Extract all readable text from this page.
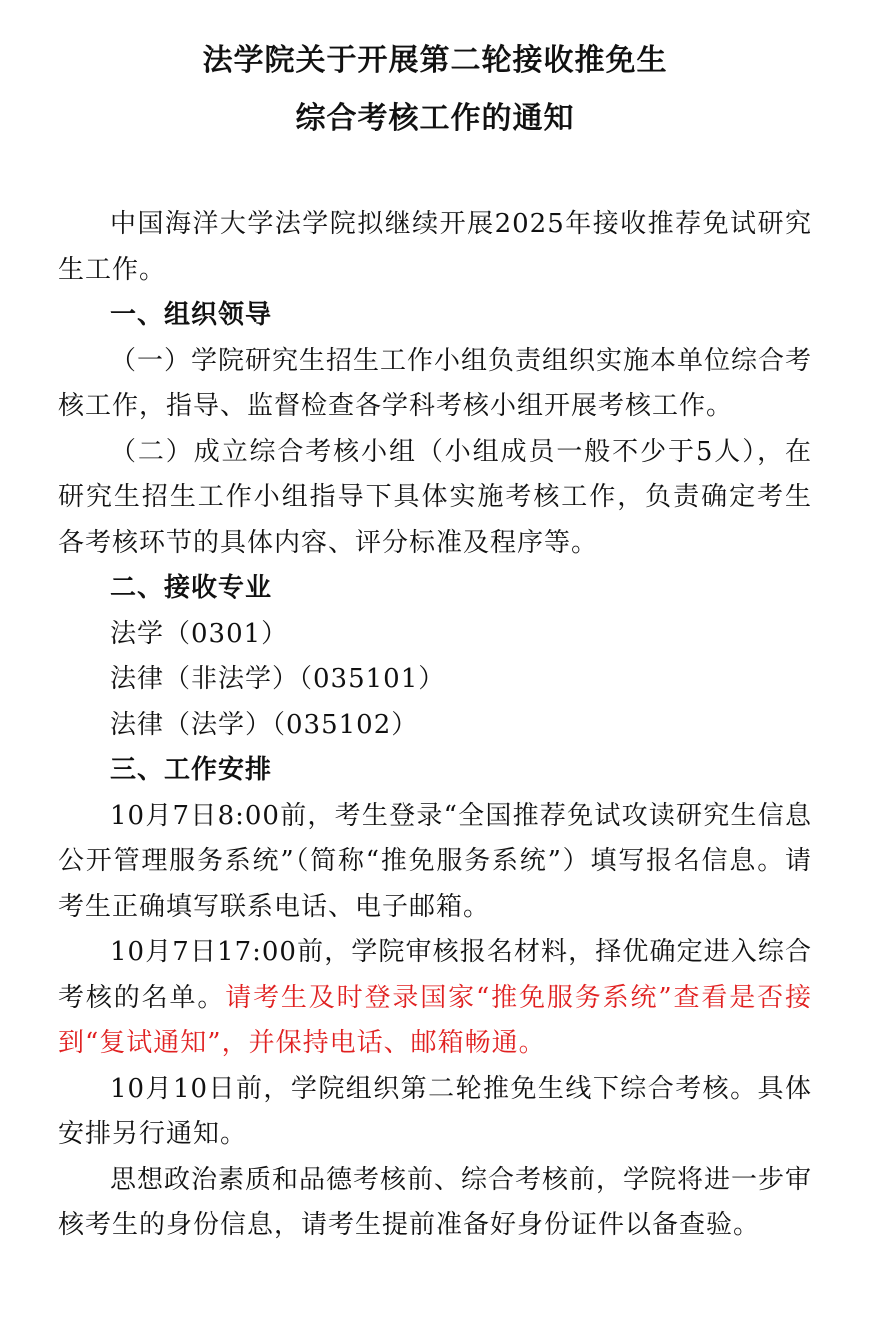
法学院关于开展第二轮接收推免生
综合考核工作的通知

中国海洋大学法学院拟继续开展2025年接收推荐免试研究生工作。

一、组织领导

（一）学院研究生招生工作小组负责组织实施本单位综合考核工作，指导、监督检查各学科考核小组开展考核工作。

（二）成立综合考核小组（小组成员一般不少于5人），在研究生招生工作小组指导下具体实施考核工作，负责确定考生各考核环节的具体内容、评分标准及程序等。

二、接收专业

法学（0301）

法律（非法学）（035101）

法律（法学）（035102）

三、工作安排

10月7日8:00前，考生登录“全国推荐免试攻读研究生信息公开管理服务系统”（简称“推免服务系统”）填写报名信息。请考生正确填写联系电话、电子邮箱。

10月7日17:00前，学院审核报名材料，择优确定进入综合考核的名单。请考生及时登录国家“推免服务系统”查看是否接到“复试通知”，并保持电话、邮箱畅通。

10月10日前，学院组织第二轮推免生线下综合考核。具体安排另行通知。

思想政治素质和品德考核前、综合考核前，学院将进一步审核考生的身份信息，请考生提前准备好身份证件以备查验。
